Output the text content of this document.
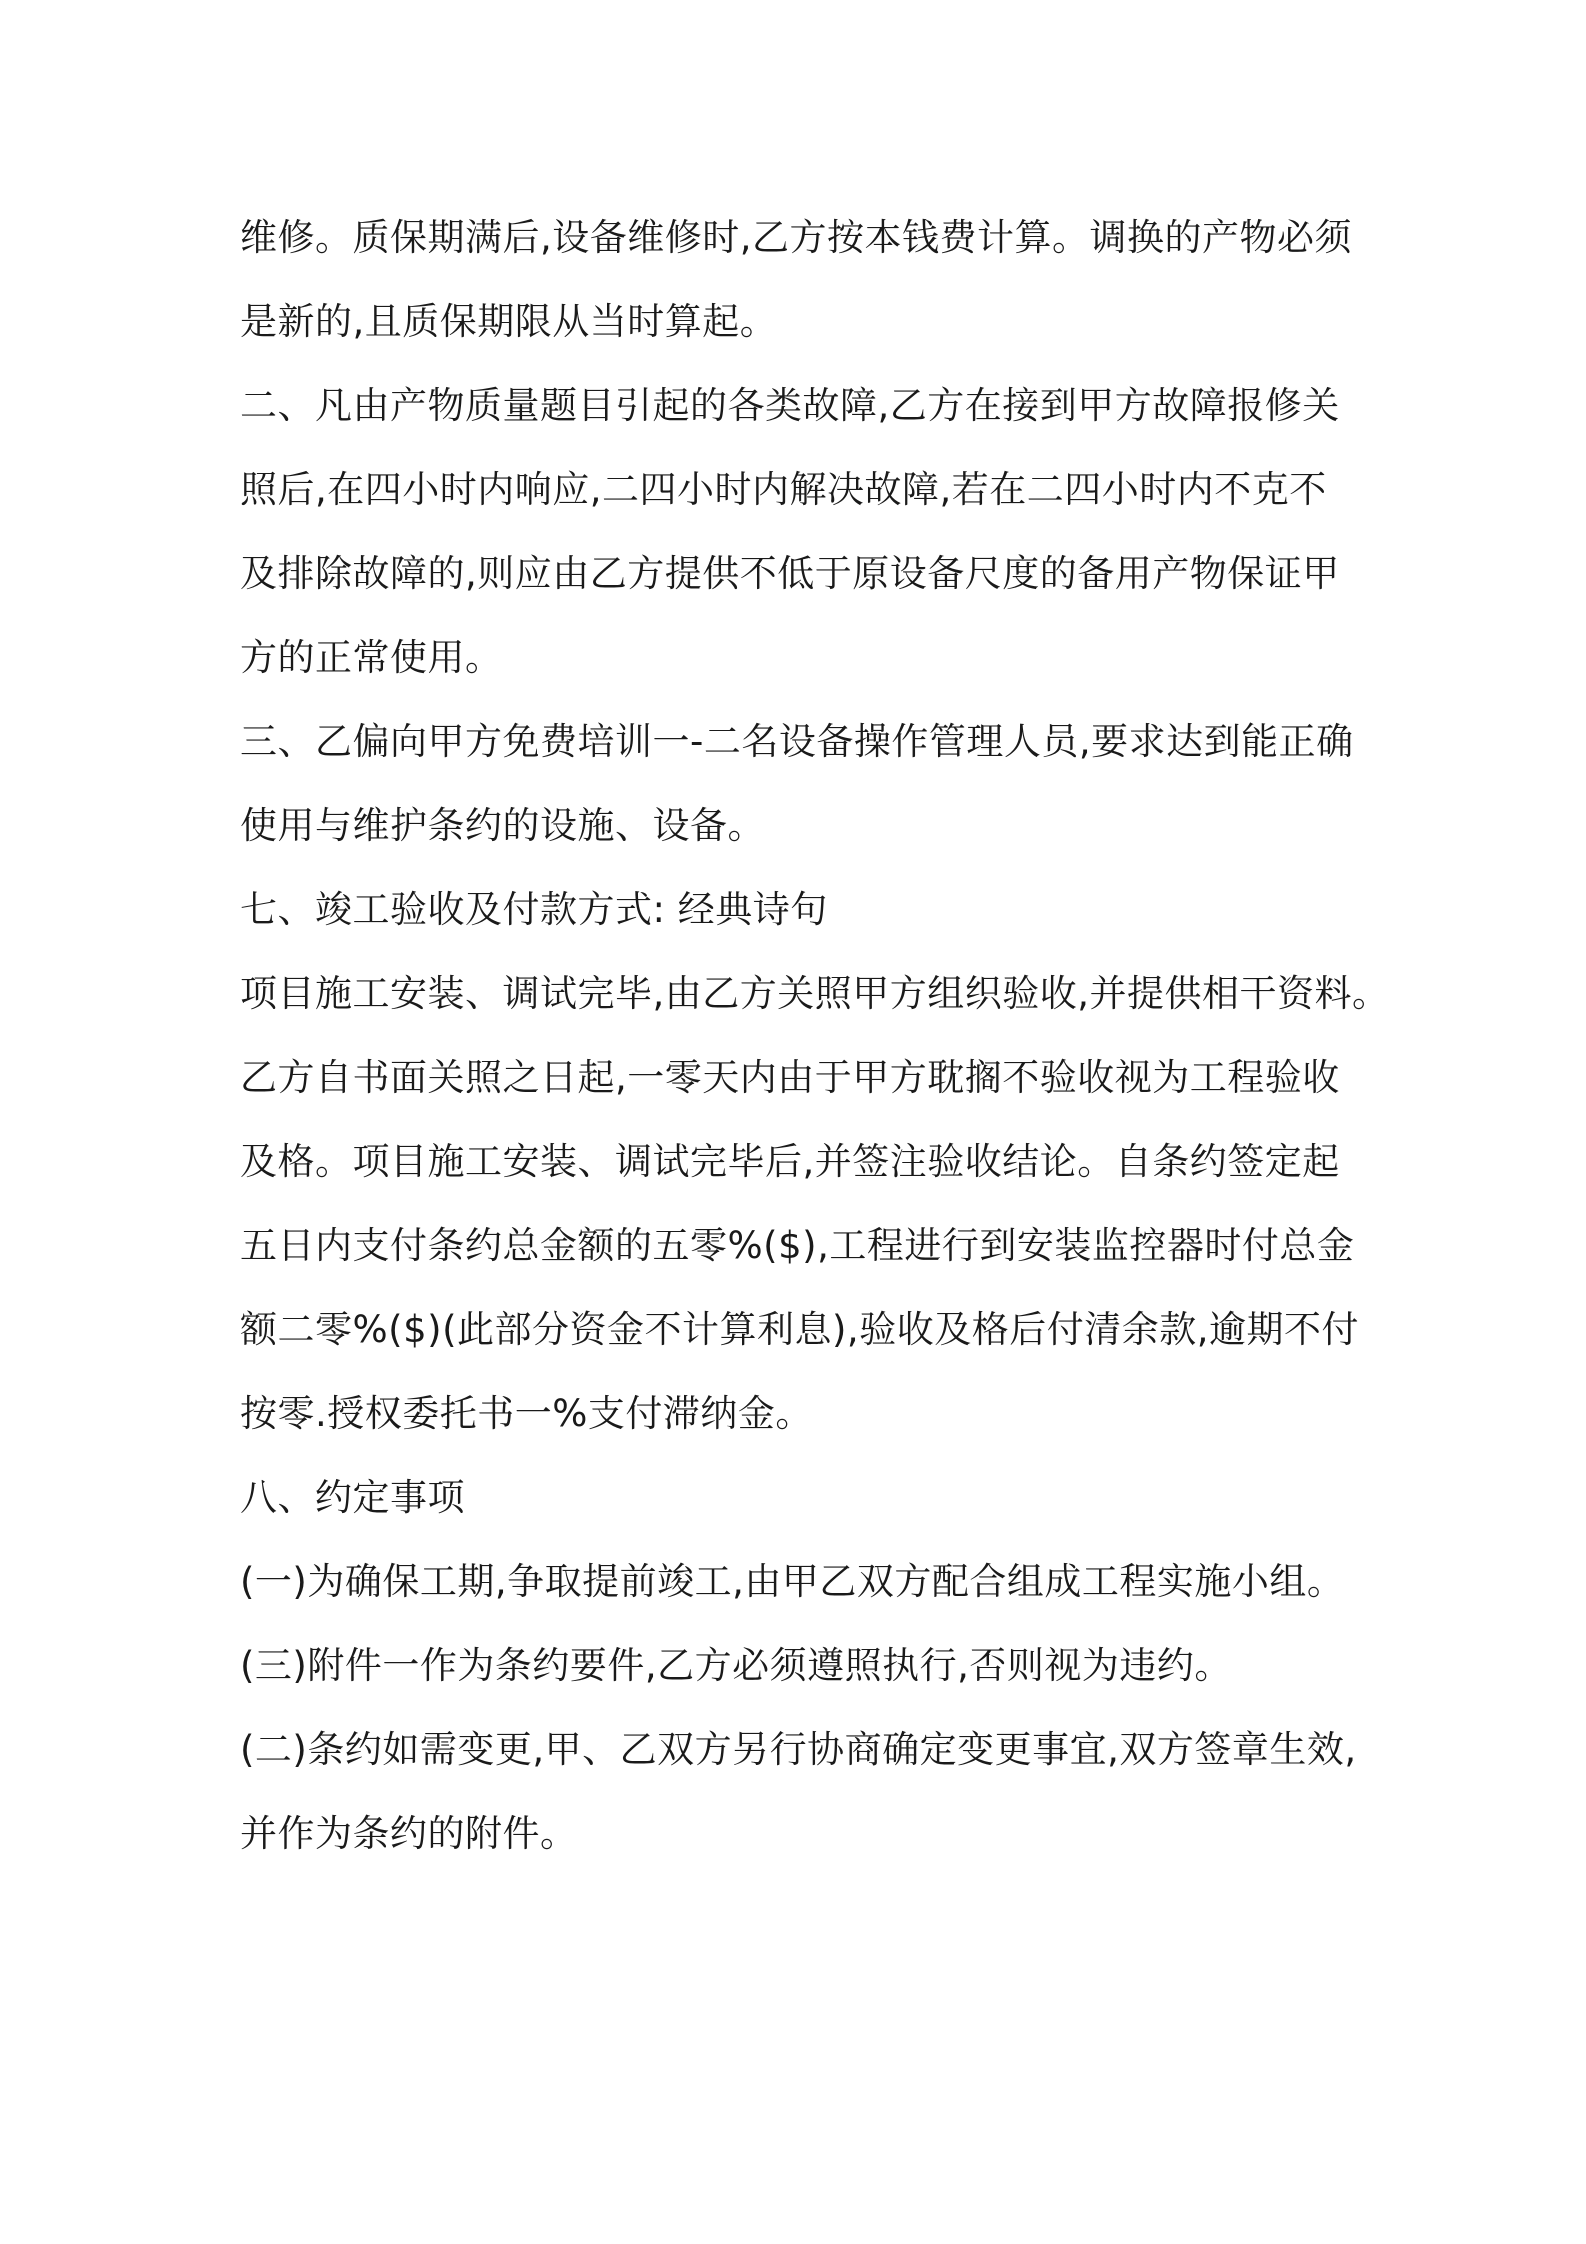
维修。质保期满后,设备维修时,乙方按本钱费计算。调换的产物必须
是新的,且质保期限从当时算起。
二、凡由产物质量题目引起的各类故障,乙方在接到甲方故障报修关
照后,在四小时内响应,二四小时内解决故障,若在二四小时内不克不
及排除故障的,则应由乙方提供不低于原设备尺度的备用产物保证甲
方的正常使用。
三、乙偏向甲方免费培训一-二名设备操作管理人员,要求达到能正确
使用与维护条约的设施、设备。
七、竣工验收及付款方式: 经典诗句
项目施工安装、调试完毕,由乙方关照甲方组织验收,并提供相干资料。
乙方自书面关照之日起,一零天内由于甲方耽搁不验收视为工程验收
及格。项目施工安装、调试完毕后,并签注验收结论。自条约签定起
五日内支付条约总金额的五零%($),工程进行到安装监控器时付总金
额二零%($)(此部分资金不计算利息),验收及格后付清余款,逾期不付
按零.授权委托书一%支付滞纳金。
八、约定事项
(一)为确保工期,争取提前竣工,由甲乙双方配合组成工程实施小组。
(三)附件一作为条约要件,乙方必须遵照执行,否则视为违约。
(二)条约如需变更,甲、乙双方另行协商确定变更事宜,双方签章生效,
并作为条约的附件。
